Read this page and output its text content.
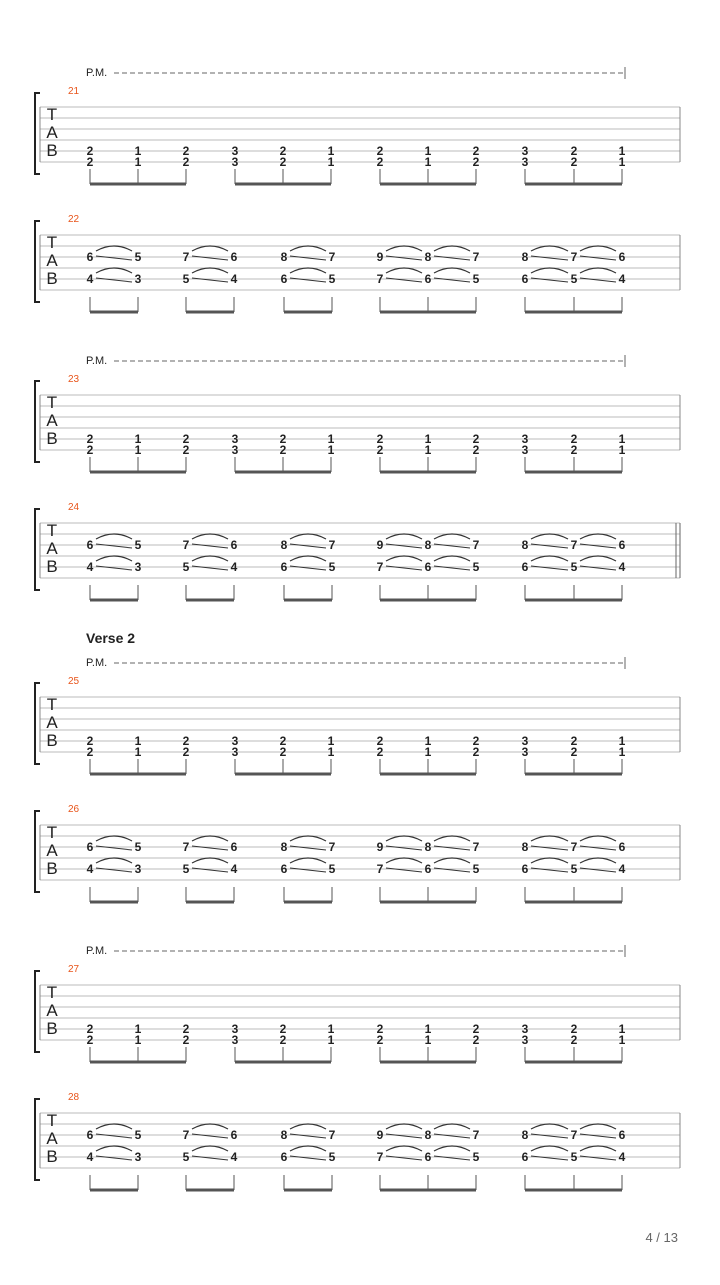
P.M.
21
T
A
B 2
2
1
1
2
2
3
3
2
2
1
1
2
2
1
1
2
2
3
3
2
2
1
1
22
T
A
B
6
4
5
3
7
5
6
4
8
6
7
5
9
7
8
6
7
5
8
6
7
5
6
4
P.M.
23
T
A
B 2
2
1
1
2
2
3
3
2
2
1
1
2
2
1
1
2
2
3
3
2
2
1
1
24
T
A
B
6
4
5
3
7
5
6
4
8
6
7
5
9
7
8
6
7
5
8
6
7
5
6
4
P.M.
25
T
A
B 2
2
1
1
2
2
3
3
2
2
1
1
2
2
1
1
2
2
3
3
2
2
1
1
26
T
A
B
6
4
5
3
7
5
6
4
8
6
7
5
9
7
8
6
7
5
8
6
7
5
6
4
P.M.
27
T
A
B 2
2
1
1
2
2
3
3
2
2
1
1
2
2
1
1
2
2
3
3
2
2
1
1
28
T
A
B
6
4
5
3
7
5
6
4
8
6
7
5
9
7
8
6
7
5
8
6
7
5
6
4
Verse 2
4 / 13
